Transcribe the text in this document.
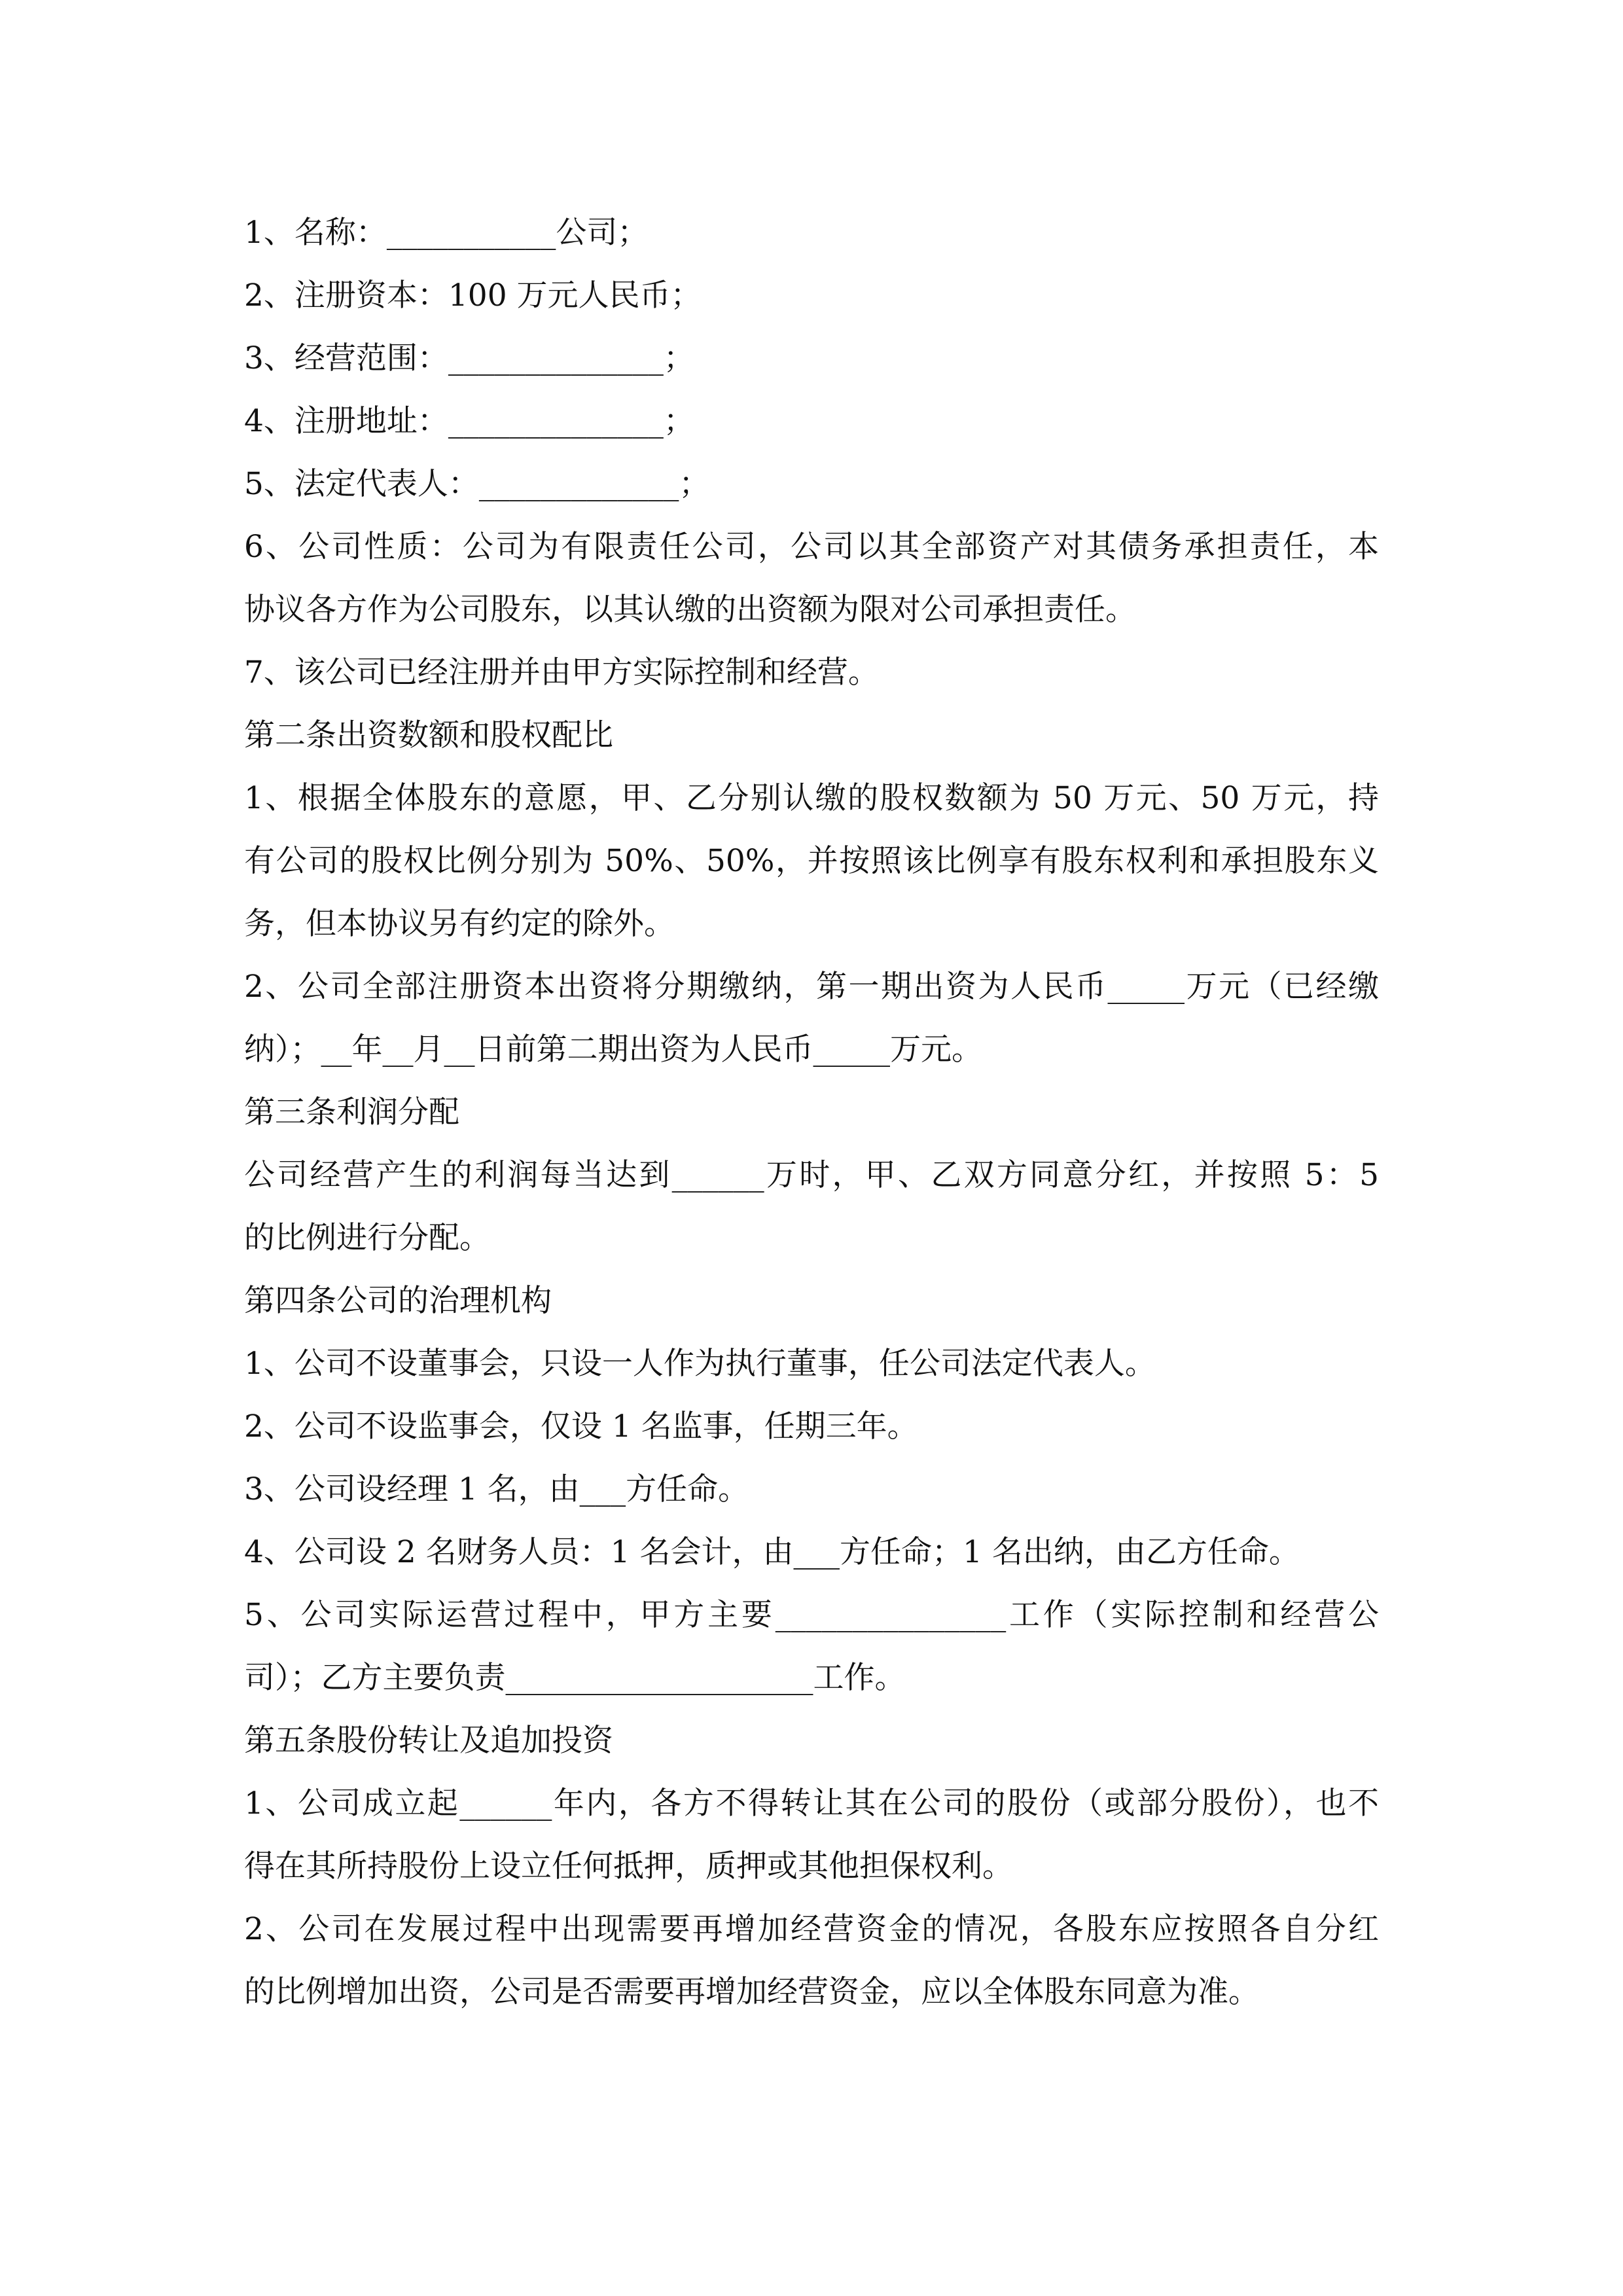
1、名称：___________公司；
2、注册资本：100 万元人民币；
3、经营范围：______________；
4、注册地址：______________；
5、法定代表人：_____________；
6、公司性质：公司为有限责任公司，公司以其全部资产对其债务承担责任，本
协议各方作为公司股东，以其认缴的出资额为限对公司承担责任。
7、该公司已经注册并由甲方实际控制和经营。
第二条出资数额和股权配比
1、根据全体股东的意愿，甲、乙分别认缴的股权数额为 50 万元、50 万元，持
有公司的股权比例分别为 50%、50%，并按照该比例享有股东权利和承担股东义
务，但本协议另有约定的除外。
2、公司全部注册资本出资将分期缴纳，第一期出资为人民币_____万元（已经缴
纳）；__年__月__日前第二期出资为人民币_____万元。
第三条利润分配
公司经营产生的利润每当达到______万时，甲、乙双方同意分红，并按照 5：5
的比例进行分配。
第四条公司的治理机构
1、公司不设董事会，只设一人作为执行董事，任公司法定代表人。
2、公司不设监事会，仅设 1 名监事，任期三年。
3、公司设经理 1 名，由___方任命。
4、公司设 2 名财务人员：1 名会计，由___方任命；1 名出纳，由乙方任命。
5、公司实际运营过程中，甲方主要_______________工作（实际控制和经营公
司）；乙方主要负责____________________工作。
第五条股份转让及追加投资
1、公司成立起______年内，各方不得转让其在公司的股份（或部分股份），也不
得在其所持股份上设立任何抵押，质押或其他担保权利。
2、公司在发展过程中出现需要再增加经营资金的情况，各股东应按照各自分红
的比例增加出资，公司是否需要再增加经营资金，应以全体股东同意为准。
